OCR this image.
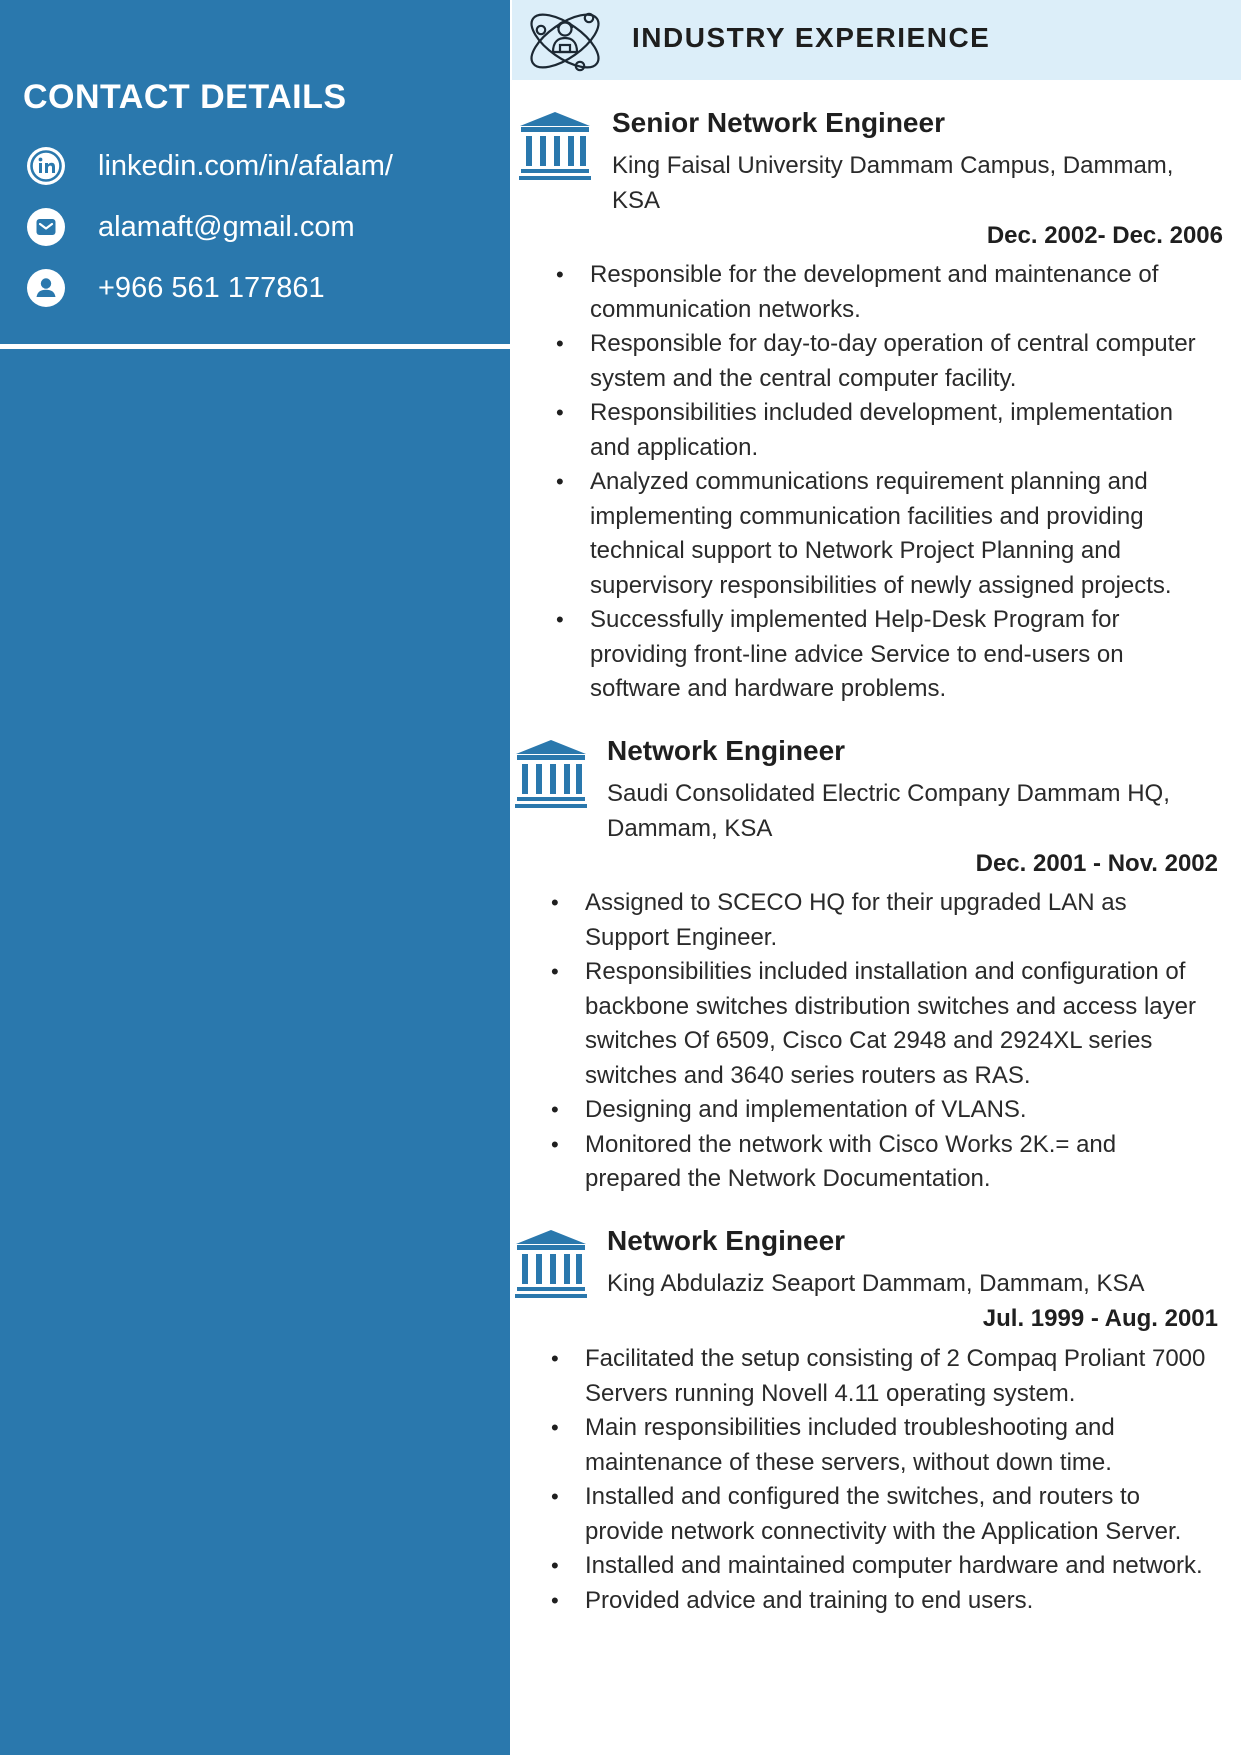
CONTACT DETAILS
linkedin.com/in/afalam/
alamaft@gmail.com
+966 561 177861
INDUSTRY EXPERIENCE
Senior Network Engineer

King Faisal University Dammam Campus, Dammam,
KSA

Dec. 2002- Dec. 2006

• Responsible for the development and maintenance of communication networks.
• Responsible for day-to-day operation of central computer system and the central computer facility.
• Responsibilities included development, implementation and application.
• Analyzed communications requirement planning and implementing communication facilities and providing technical support to Network Project Planning and supervisory responsibilities of newly assigned projects.
• Successfully implemented Help-Desk Program for providing front-line advice Service to end-users on software and hardware problems.
Network Engineer

Saudi Consolidated Electric Company Dammam HQ,
Dammam, KSA

Dec. 2001 - Nov. 2002

• Assigned to SCECO HQ for their upgraded LAN as Support Engineer.
• Responsibilities included installation and configuration of backbone switches distribution switches and access layer switches Of 6509, Cisco Cat 2948 and 2924XL series switches and 3640 series routers as RAS.
• Designing and implementation of VLANS.
• Monitored the network with Cisco Works 2K.= and prepared the Network Documentation.
Network Engineer

King Abdulaziz Seaport Dammam, Dammam, KSA

Jul. 1999 - Aug. 2001

• Facilitated the setup consisting of 2 Compaq Proliant 7000 Servers running Novell 4.11 operating system.
• Main responsibilities included troubleshooting and maintenance of these servers, without down time.
• Installed and configured the switches, and routers to provide network connectivity with the Application Server.
• Installed and maintained computer hardware and network.
• Provided advice and training to end users.
